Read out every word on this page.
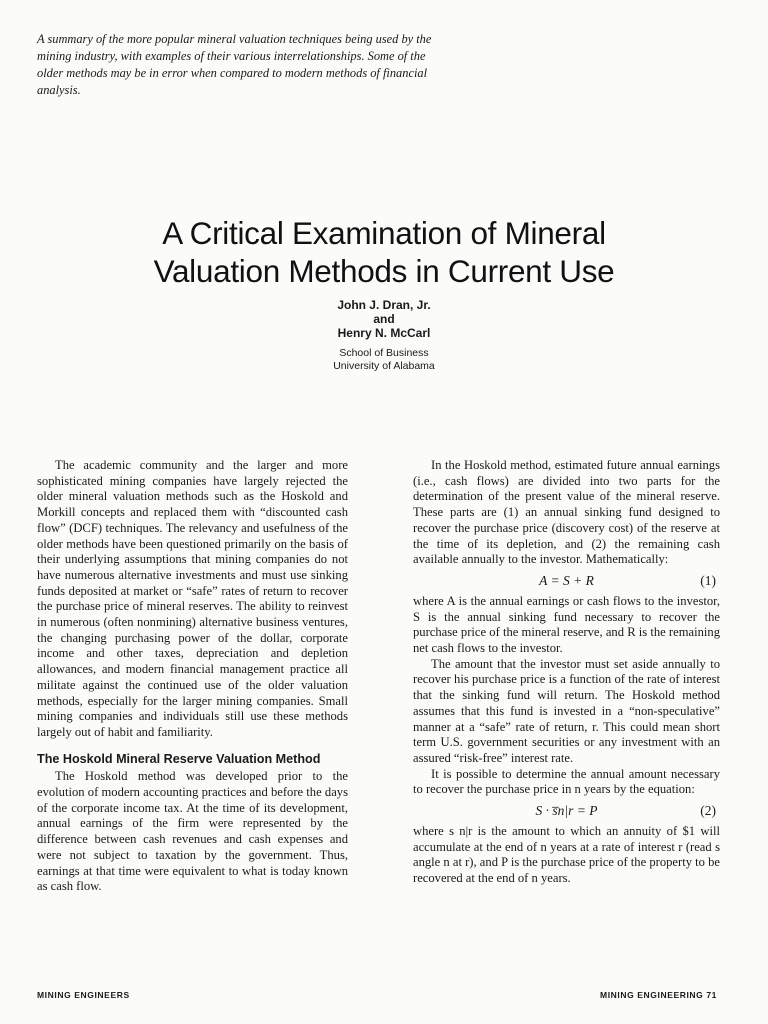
A summary of the more popular mineral valuation techniques being used by the mining industry, with examples of their various interrelationships. Some of the older methods may be in error when compared to modern methods of financial analysis.
A Critical Examination of Mineral
Valuation Methods in Current Use
John J. Dran, Jr.
and
Henry N. McCarl
School of Business
University of Alabama

The academic community and the larger and more sophisticated mining companies have largely rejected the older mineral valuation methods such as the Hoskold and Morkill concepts and replaced them with “discounted cash flow” (DCF) techniques. The relevancy and usefulness of the older methods have been questioned primarily on the basis of their underlying assumptions that mining companies do not have numerous alternative investments and must use sinking funds deposited at market or “safe” rates of return to recover the purchase price of mineral reserves. The ability to reinvest in numerous (often nonmining) alternative business ventures, the changing purchasing power of the dollar, corporate income and other taxes, depreciation and depletion allowances, and modern financial management practice all militate against the continued use of the older valuation methods, especially for the larger mining companies. Small mining companies and individuals still use these methods largely out of habit and familiarity.

The Hoskold Mineral Reserve Valuation Method

The Hoskold method was developed prior to the evolution of modern accounting practices and before the days of the corporate income tax. At the time of its development, annual earnings of the firm were represented by the difference between cash revenues and cash expenses and were not subject to taxation by the government. Thus, earnings at that time were equivalent to what is today known as cash flow.

In the Hoskold method, estimated future annual earnings (i.e., cash flows) are divided into two parts for the determination of the present value of the mineral reserve. These parts are (1) an annual sinking fund designed to recover the purchase price (discovery cost) of the reserve at the time of its depletion, and (2) the remaining cash available annually to the investor. Mathematically:

A = S + R	(1)

where A is the annual earnings or cash flows to the investor, S is the annual sinking fund necessary to recover the purchase price of the mineral reserve, and R is the remaining net cash flows to the investor.

The amount that the investor must set aside annually to recover his purchase price is a function of the rate of interest that the sinking fund will return. The Hoskold method assumes that this fund is invested in a “non-speculative” manner at a “safe” rate of return, r. This could mean short term U.S. government securities or any investment with an assured “risk-free” interest rate.

It is possible to determine the annual amount necessary to recover the purchase price in n years by the equation:

S · s̅n|r = P	(2)

where s n|r is the amount to which an annuity of $1 will accumulate at the end of n years at a rate of interest r (read s angle n at r), and P is the purchase price of the property to be recovered at the end of n years.

MINING ENGINEERS	MINING ENGINEERING 71
